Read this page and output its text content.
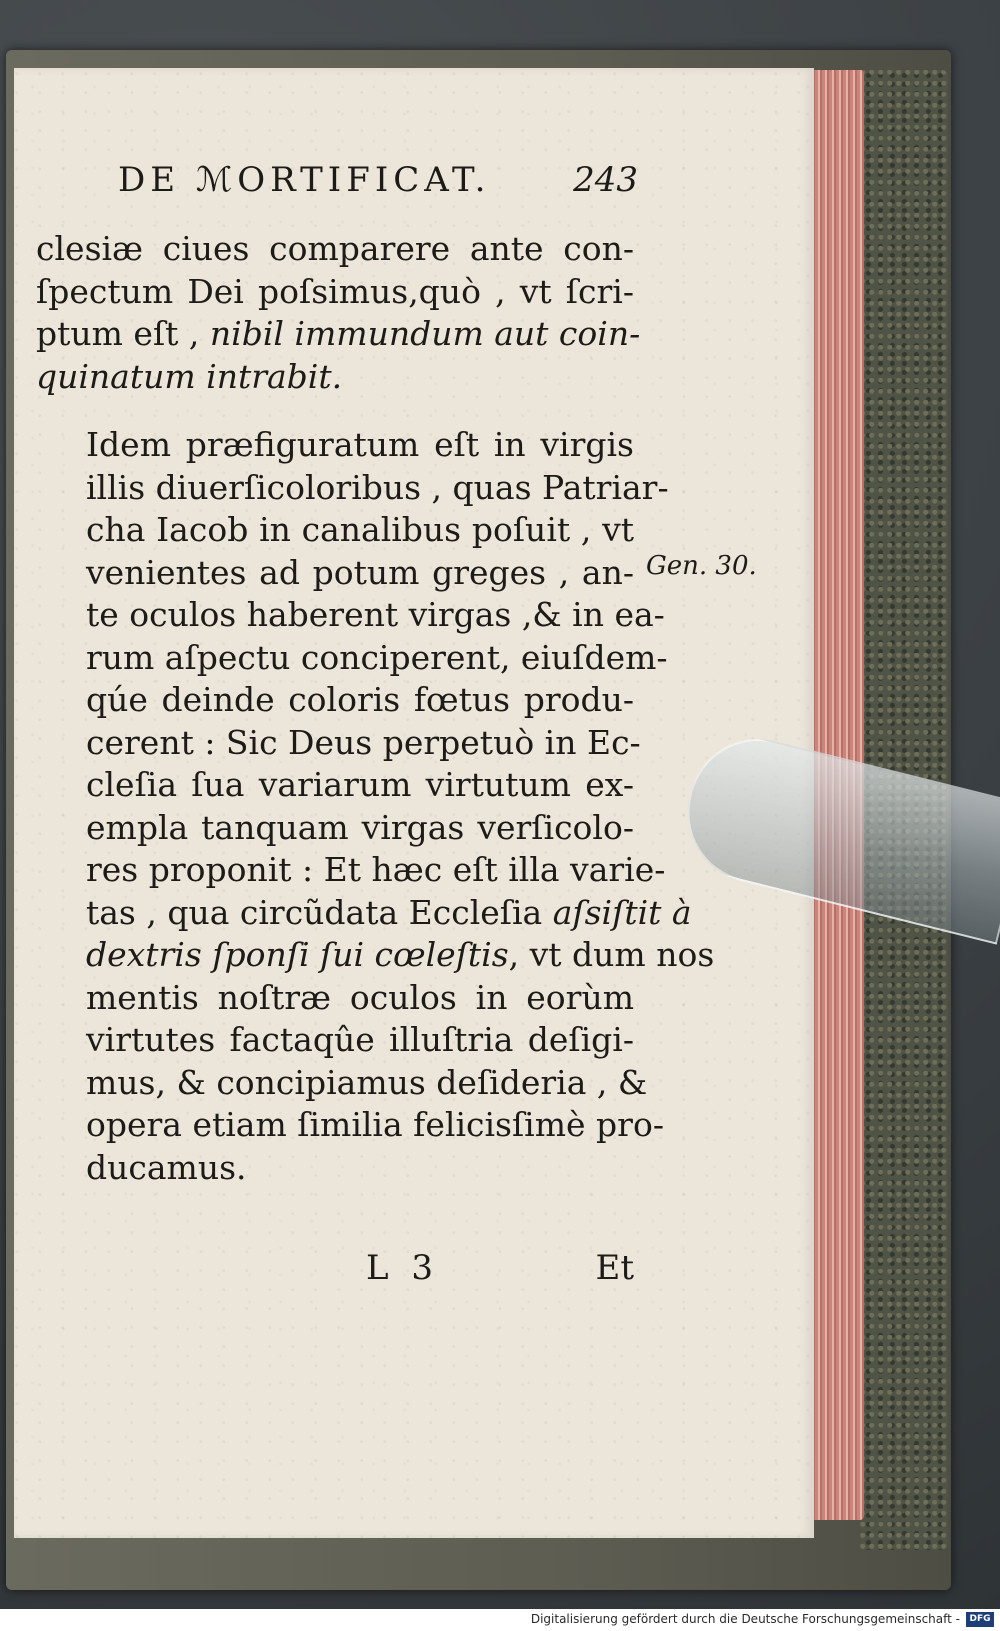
DE ℳORTIFICAT. 243

clesiæ ciues comparere ante con-
ſpectum Dei poſsimus,quò , vt ſcri-
ptum eſt , nibil immundum aut coin-
quinatum intrabit.

Idem præfiguratum eſt in virgis
illis diuerſicoloribus , quas Patriar-
cha Iacob in canalibus poſuit , vt
venientes ad potum greges , an-
te oculos haberent virgas ,& in ea-
rum aſpectu conciperent, eiuſdem-
qúe deinde coloris fœtus produ-
cerent : Sic Deus perpetuò in Ec-
cleſia ſua variarum virtutum ex-
empla tanquam virgas verſicolo-
res proponit : Et hæc eſt illa varie-
tas , qua circũdata Eccleſia aſsiſtit à
dextris ſponſi ſui cœleſtis, vt dum nos
mentis noſtræ oculos in eorùm
virtutes factaqûe illuſtria deſigi-
mus, & concipiamus deſideria , &
opera etiam ſimilia felicisſimè pro-
ducamus.

Gen. 30.
L 3	Et
Digitalisierung gefördert durch die Deutsche Forschungsgemeinschaft -	DFG
